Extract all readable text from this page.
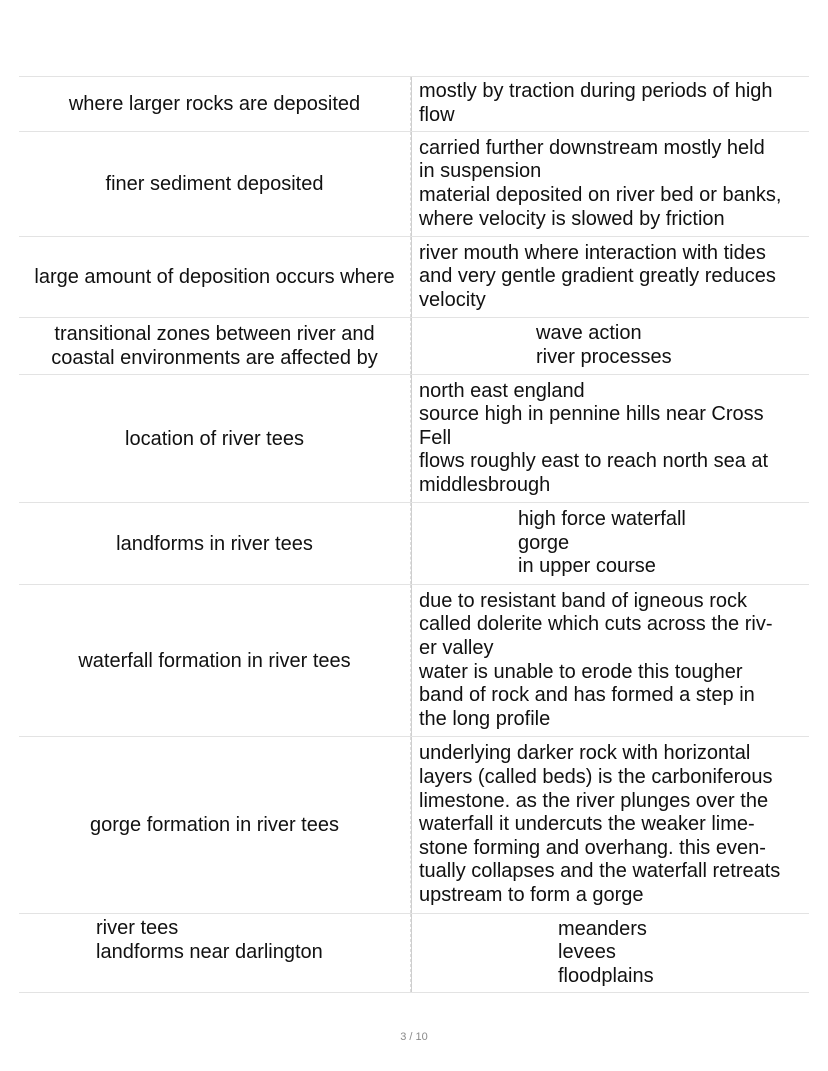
where larger rocks are deposited
mostly by traction during periods of high
flow
finer sediment deposited
carried further downstream mostly held
in suspension
material deposited on river bed or banks,
where velocity is slowed by friction
large amount of deposition occurs where
river mouth where interaction with tides
and very gentle gradient greatly reduces
velocity
transitional zones between river and
coastal environments are affected by
wave action
river processes
location of river tees
north east england
source high in pennine hills near Cross
Fell
flows roughly east to reach north sea at
middlesbrough
landforms in river tees
high force waterfall
gorge
in upper course
waterfall formation in river tees
due to resistant band of igneous rock
called dolerite which cuts across the riv-
er valley
water is unable to erode this tougher
band of rock and has formed a step in
the long profile
gorge formation in river tees
underlying darker rock with horizontal
layers (called beds) is the carboniferous
limestone. as the river plunges over the
waterfall it undercuts the weaker lime-
stone forming and overhang. this even-
tually collapses and the waterfall retreats
upstream to form a gorge
river tees
landforms near darlington
meanders
levees
floodplains
3 / 10
